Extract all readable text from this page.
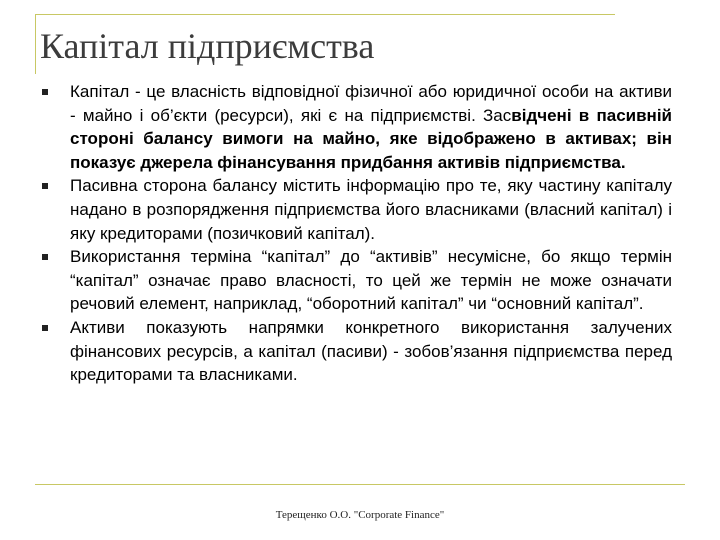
Капітал підприємства
Капітал - це власність відповідної фізичної або юридичної особи на активи - майно і об’єкти (ресурси), які є на підприємстві. Засвідчені в пасивній стороні балансу вимоги на майно, яке відображено в активах; він показує джерела фінансування придбання активів підприємства.
Пасивна сторона балансу містить інформацію про те, яку частину капіталу надано в розпорядження підприємства його власниками (власний капітал) і яку кредиторами (позичковий капітал).
Використання терміна “капітал” до “активів” несумісне, бо якщо термін “капітал” означає право власності, то цей же термін не може означати речовий елемент, наприклад, “оборотний капітал” чи “основний капітал”.
Активи показують напрямки конкретного використання залучених фінансових ресурсів, а капітал (пасиви) - зобов’язання підприємства перед кредиторами та власниками.
Терещенко О.О. "Corporate Finance"
